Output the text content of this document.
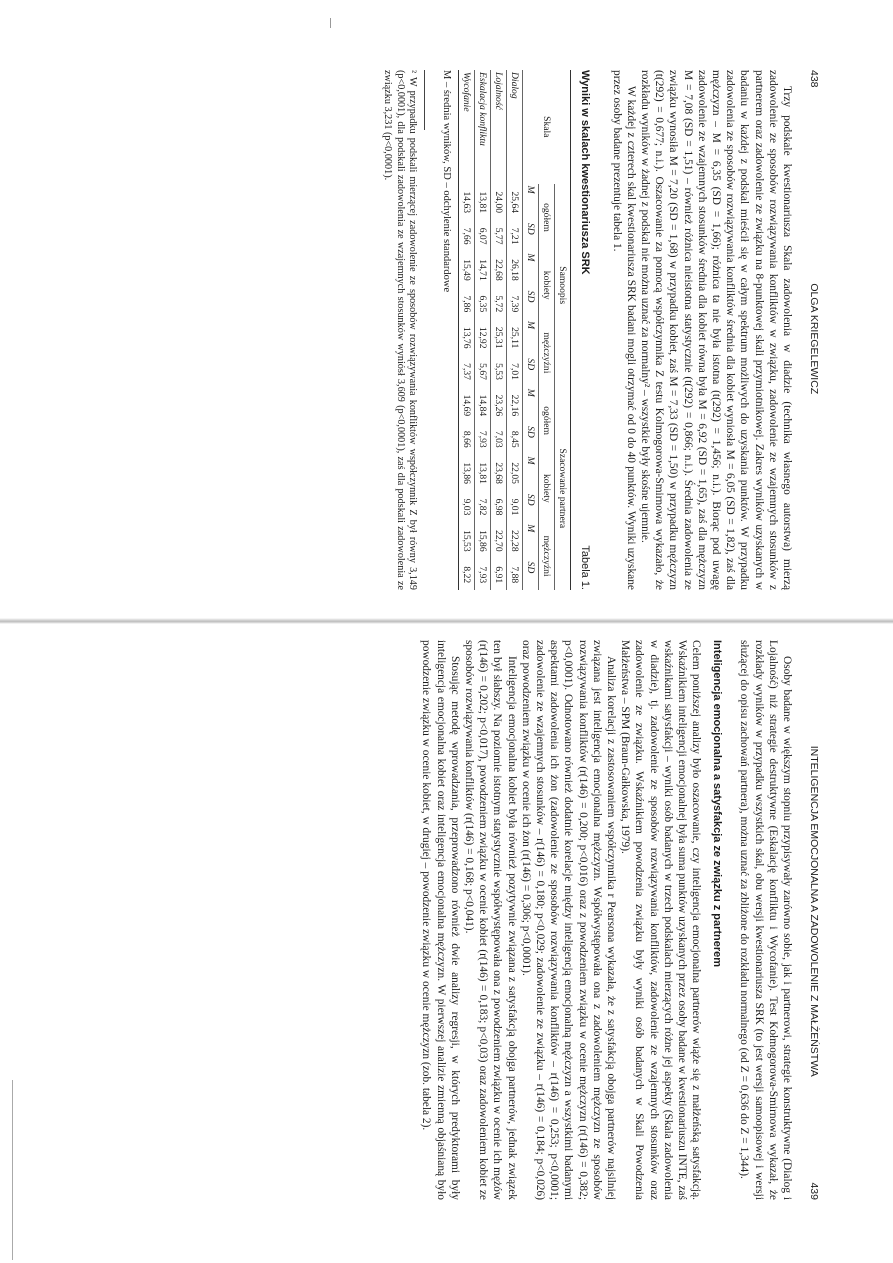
438
OLGA KRIEGELEWICZ

Trzy podskale kwestionariusza Skala zadowolenia w diadzie (technika własnego autorstwa) mierzą zadowolenie ze sposobów rozwiązywania konfliktów w związku, zadowolenie ze wzajemnych stosunków z partnerem oraz zadowolenie ze związku na 8-punktowej skali przymiotnikowej. Zakres wyników uzyskanych w badaniu w każdej z podskal mieścił się w całym spektrum możliwych do uzyskania punktów. W przypadku zadowolenia ze sposobów rozwiązywania konfliktów średnia dla kobiet wyniosła M = 6,05 (SD = 1,82), zaś dla mężczyzn – M = 6,35 (SD = 1,66); różnica ta nie była istotna (t(292) = 1,456; n.i.). Biorąc pod uwagę zadowolenie ze wzajemnych stosunków średnia dla kobiet równa była M = 6,92 (SD = 1,65), zaś dla mężczyzn M = 7,08 (SD = 1,51) – również różnica nieistotna statystycznie (t(292) = 0,866; n.i.). Średnia zadowolenia ze związku wynosiła M = 7,20 (SD = 1,68) w przypadku kobiet, zaś M = 7,33 (SD = 1,50) w przypadku mężczyzn (t(292) = 0,677; n.i.). Oszacowanie za pomocą współczynnika Z testu Kolmogorowa-Smirnowa wykazało, że rozkładu wyników w żadnej z podskal nie można uznać za normalny² – wszystkie były skośne ujemnie.

W każdej z czterech skal kwestionariusza SRK badani mogli otrzymać od 0 do 40 punktów. Wyniki uzyskane przez osoby badane prezentuje tabela 1.

Wyniki w skalach kwestionariusza SRK
Tabela 1.
Skala	Samoopis						Szacowanie partnera					
	ogółem		kobiety		mężczyźni		ogółem		kobiety		mężczyźni	
	M	SD	M	SD	M	SD	M	SD	M	SD	M	SD
Dialog	25,64	7,21	26,18	7,39	25,11	7,01	22,16	8,45	22,05	9,01	22,28	7,88
Lojalność	24,00	5,77	22,68	5,72	25,31	5,53	23,26	7,03	23,68	6,98	22,70	6,91
Eskalacja konfliktu	13,81	6,07	14,71	6,35	12,92	5,67	14,84	7,93	13,81	7,82	15,86	7,93
Wycofanie	14,63	7,66	15,49	7,86	13,76	7,37	14,69	8,66	13,86	9,03	15,53	8,22
M – średnia wyników, SD – odchylenie standardowe
² W przypadku podskali mierzącej zadowolenie ze sposobów rozwiązywania konfliktów współczynnik Z był równy 3,149 (p<0,0001), dla podskali zadowolenia ze wzajemnych stosunków wyniósł 3,609 (p<0,0001), zaś dla podskali zadowolenia ze związku 3,231 (p<0,0001).
INTELIGENCJA EMOCJONALNA A ZADOWOLENIE Z MAŁŻEŃSTWA
439

Osoby badane w większym stopniu przypisywały zarówno sobie, jak i partnerowi, strategie konstruktywne (Dialog i Lojalność) niż strategie destruktywne (Eskalację konfliktu i Wycofanie). Test Kołmogorowa-Smirnowa wykazał, że rozkłady wyników w przypadku wszystkich skal, obu wersji kwestionariusza SRK (to jest wersji samoopisowej i wersji służącej do opisu zachowań partnera), można uznać za zbliżone do rozkładu normalnego (od Z = 0,636 do Z = 1,344).

Inteligencja emocjonalna a satysfakcja ze związku z partnerem

Celem poniższej analizy było oszacowanie, czy inteligencja emocjonalna partnerów wiąże się z małżeńską satysfakcją. Wskaźnikiem inteligencji emocjonalnej była suma punktów uzyskanych przez osoby badane w kwestionariuszu INTE, zaś wskaźnikami satysfakcji – wyniki osób badanych w trzech podskalach mierzących różne jej aspekty (Skala zadowolenia w diadzie), tj. zadowolenie ze sposobów rozwiązywania konfliktów, zadowolenie ze wzajemnych stosunków oraz zadowolenie ze związku. Wskaźnikiem powodzenia związku były wyniki osób badanych w Skali Powodzenia Małżeństwa – SPM (Braun-Gałkowska, 1979).

Analiza korelacji z zastosowaniem współczynnika r Pearsona wykazała, że z satysfakcją obojga partnerów najsilniej związana jest inteligencja emocjonalna mężczyzn. Współwystępowała ona z zadowoleniem mężczyzn ze sposobów rozwiązywania konfliktów (r(146) = 0,200; p<0,016) oraz z powodzeniem związku w ocenie mężczyzn (r(146) = 0,382; p<0,0001). Odnotowano również dodatnie korelacje między inteligencją emocjonalną mężczyzn a wszystkimi badanymi aspektami zadowolenia ich żon (zadowolenie ze sposobów rozwiązywania konfliktów – r(146) = 0,253; p<0,0001; zadowolenie ze wzajemnych stosunków – r(146) = 0,180; p<0,029; zadowolenie ze związku – r(146) = 0,184; p<0,026) oraz powodzeniem związku w ocenie ich żon (r(146) = 0,306; p<0,0001).

Inteligencja emocjonalna kobiet była również pozytywnie związana z satysfakcją obojga partnerów, jednak związek ten był słabszy. Na poziomie istotnym statystycznie współwystępowała ona z powodzeniem związku w ocenie ich mężów (r(146) = 0,202; p<0,017), powodzeniem związku w ocenie kobiet (r(146) = 0,183; p<0,03) oraz zadowoleniem kobiet ze sposobów rozwiązywania konfliktów (r(146) = 0,168; p<0,041).

Stosując metodę wprowadzania, przeprowadzono również dwie analizy regresji, w których predyktorami były inteligencja emocjonalna kobiet oraz inteligencja emocjonalna mężczyzn. W pierwszej analizie zmienną objaśnianą było powodzenie związku w ocenie kobiet, w drugiej – powodzenie związku w ocenie mężczyzn (zob. tabela 2).
